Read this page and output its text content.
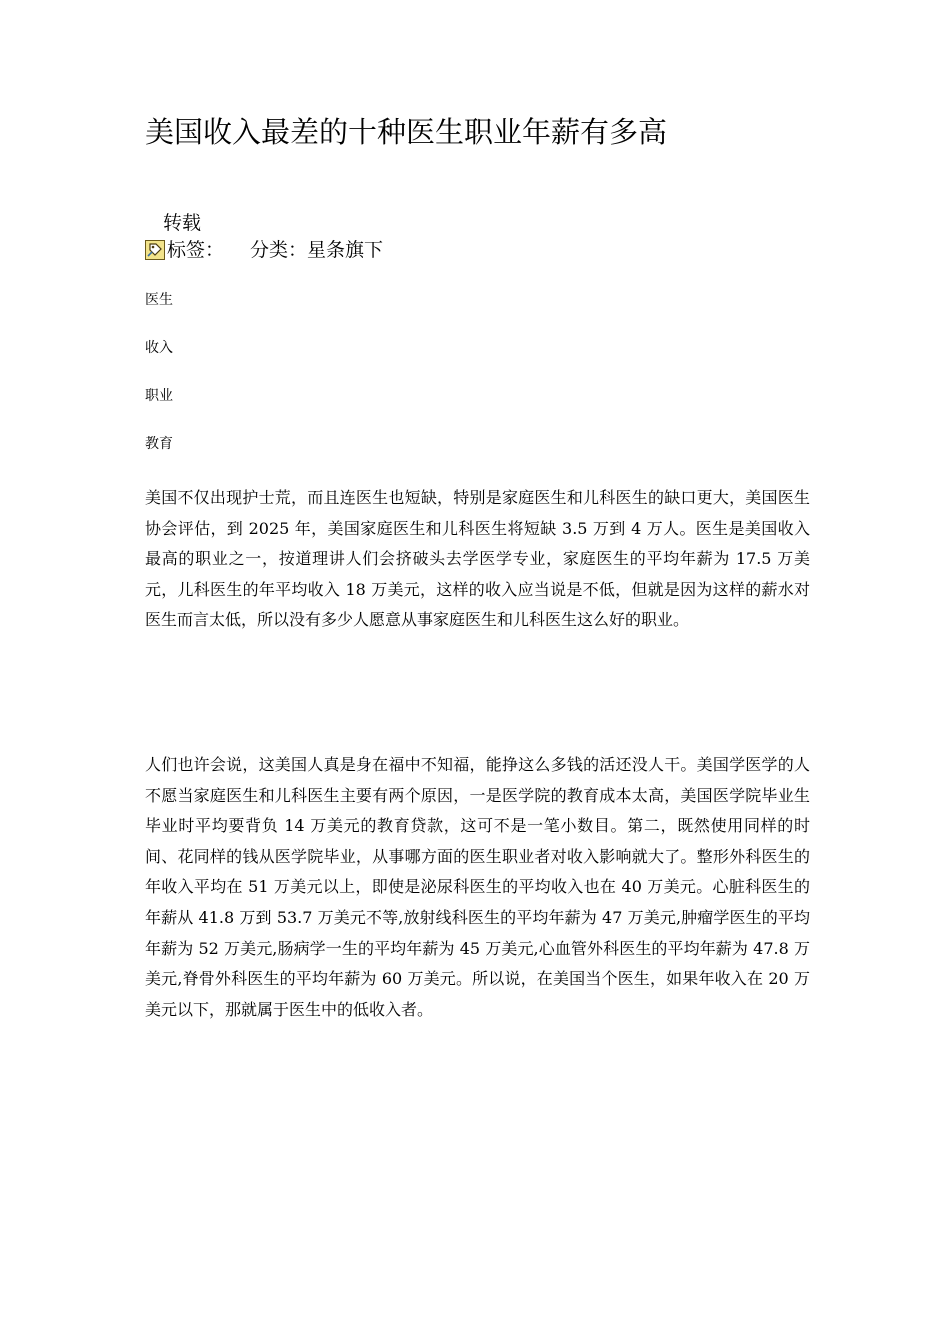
美国收入最差的十种医生职业年薪有多高
转载
标签： 分类：星条旗下
医生
收入
职业
教育

美国不仅出现护士荒，而且连医生也短缺，特别是家庭医生和儿科医生的缺口更大，美国医生协会评估，到 2025 年，美国家庭医生和儿科医生将短缺 3.5 万到 4 万人。医生是美国收入最高的职业之一，按道理讲人们会挤破头去学医学专业，家庭医生的平均年薪为 17.5 万美元，儿科医生的年平均收入 18 万美元，这样的收入应当说是不低，但就是因为这样的薪水对医生而言太低，所以没有多少人愿意从事家庭医生和儿科医生这么好的职业。

人们也许会说，这美国人真是身在福中不知福，能挣这么多钱的活还没人干。美国学医学的人不愿当家庭医生和儿科医生主要有两个原因，一是医学院的教育成本太高，美国医学院毕业生毕业时平均要背负 14 万美元的教育贷款，这可不是一笔小数目。第二，既然使用同样的时间、花同样的钱从医学院毕业，从事哪方面的医生职业者对收入影响就大了。整形外科医生的年收入平均在 51 万美元以上，即使是泌尿科医生的平均收入也在 40 万美元。心脏科医生的年薪从 41.8 万到 53.7 万美元不等,放射线科医生的平均年薪为 47 万美元,肿瘤学医生的平均年薪为 52 万美元,肠病学一生的平均年薪为 45 万美元,心血管外科医生的平均年薪为 47.8 万美元,脊骨外科医生的平均年薪为 60 万美元。所以说，在美国当个医生，如果年收入在 20 万美元以下，那就属于医生中的低收入者。
